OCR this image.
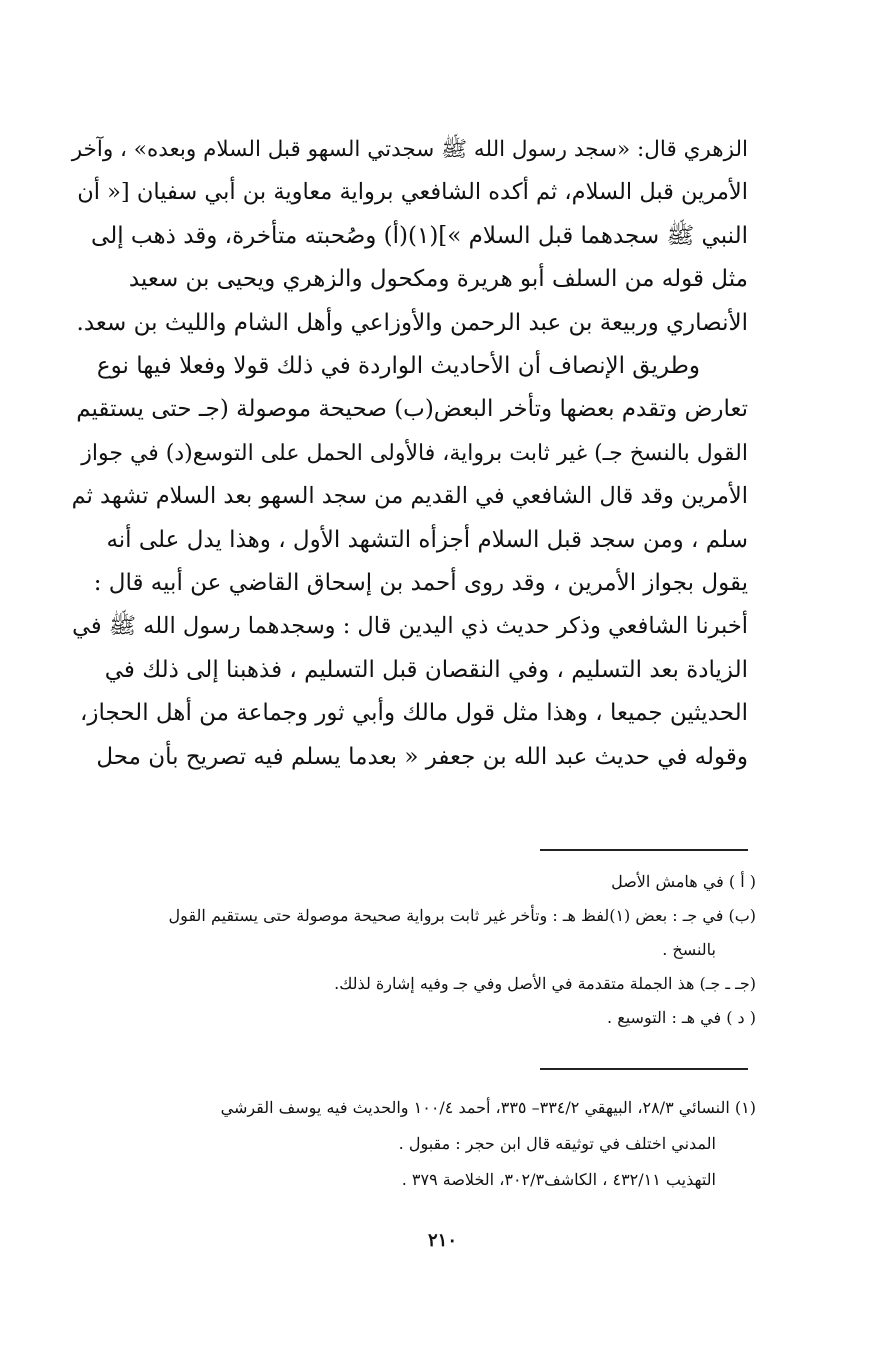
الزهري قال: «سجد رسول الله ﷺ سجدتي السهو قبل السلام وبعده» ، وآخر

الأمرين قبل السلام، ثم أكده الشافعي برواية معاوية بن أبي سفيان [« أن

النبي ﷺ سجدهما قبل السلام »](١)(أ) وصُحبته متأخرة، وقد ذهب إلى

مثل قوله من السلف أبو هريرة ومكحول والزهري ويحيى بن سعيد

الأنصاري وربيعة بن عبد الرحمن والأوزاعي وأهل الشام والليث بن سعد.

وطريق الإنصاف أن الأحاديث الواردة في ذلك قولا وفعلا فيها نوع

تعارض وتقدم بعضها وتأخر البعض(ب) صحيحة موصولة (جـ حتى يستقيم

القول بالنسخ جـ) غير ثابت برواية، فالأولى الحمل على التوسع(د) في جواز

الأمرين وقد قال الشافعي في القديم من سجد السهو بعد السلام تشهد ثم

سلم ، ومن سجد قبل السلام أجزأه التشهد الأول ، وهذا يدل على أنه

يقول بجواز الأمرين ، وقد روى أحمد بن إسحاق القاضي عن أبيه قال :

أخبرنا الشافعي وذكر حديث ذي اليدين قال : وسجدهما رسول الله ﷺ في

الزيادة بعد التسليم ، وفي النقصان قبل التسليم ، فذهبنا إلى ذلك في

الحديثين جميعا ، وهذا مثل قول مالك وأبي ثور وجماعة من أهل الحجاز،

وقوله في حديث عبد الله بن جعفر « بعدما يسلم فيه تصريح بأن محل

( أ ) في هامش الأصل
(ب) في جـ : بعض (١)لفظ هـ : وتأخر غير ثابت برواية صحيحة موصولة حتى يستقيم القول
بالنسخ .
(جـ ـ جـ) هذ الجملة متقدمة في الأصل وفي جـ وفيه إشارة لذلك.
( د ) في هـ : التوسيع .
(١) النسائي ٢٨/٣، البيهقي ٣٣٤/٢– ٣٣٥، أحمد ١٠٠/٤ والحديث فيه يوسف القرشي
المدني اختلف في توثيقه قال ابن حجر : مقبول .
التهذيب ٤٣٢/١١ ، الكاشف٣٠٢/٣، الخلاصة ٣٧٩ .
٢١٠
